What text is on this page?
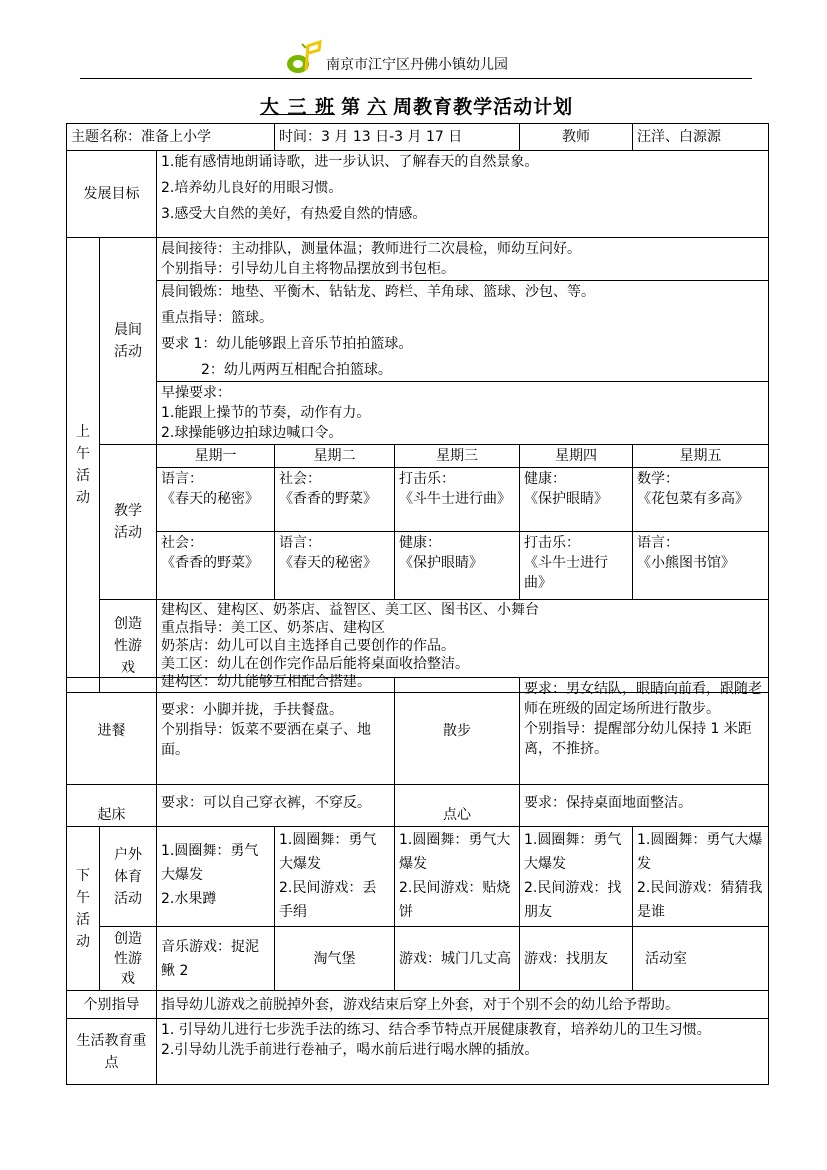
南京市江宁区丹佛小镇幼儿园
大 三 班 第 六 周教育教学活动计划
主题名称：准备上小学			时间：3 月 13 日-3 月 17 日		教师	汪洋、白源源
发展目标		1.能有感情地朗诵诗歌，进一步认识、了解春天的自然景象。
2.培养幼儿良好的用眼习惯。
3.感受大自然的美好，有热爱自然的情感。				

上午活动	晨间活动	晨间接待：主动排队，测量体温；教师进行二次晨检，师幼互问好。
个别指导：引导幼儿自主将物品摆放到书包柜。				

		晨间锻炼：地垫、平衡木、钻钻龙、跨栏、羊角球、篮球、沙包、等。
重点指导：篮球。
要求 1：幼儿能够跟上音乐节拍拍篮球。
2：幼儿两两互相配合拍篮球。				

		早操要求：
1.能跟上操节的节奏，动作有力。
2.球操能够边拍球边喊口令。				

	教学活动	星期一	星期二	星期三	星期四	星期五

		语言：
《春天的秘密》	社会：
《香香的野菜》	打击乐：
《斗牛士进行曲》	健康：
《保护眼睛》	数学：
《花包菜有多高》

		社会：
《香香的野菜》	语言：
《春天的秘密》	健康：
《保护眼睛》	打击乐：
《斗牛士进行曲》	语言：
《小熊图书馆》

	创造性游戏	建构区、建构区、奶茶店、益智区、美工区、图书区、小舞台
重点指导：美工区、奶茶店、建构区
奶茶店：幼儿可以自主选择自己要创作的作品。
美工区：幼儿在创作完作品后能将桌面收拾整洁。
建构区：幼儿能够互相配合搭建。				
进餐		要求：小脚并拢，手扶餐盘。
个别指导：饭菜不要洒在桌子、地面。		散步	要求：男女结队，眼睛向前看，跟随老师在班级的固定场所进行散步。
个别指导：提醒部分幼儿保持 1 米距离，不推挤。	

起床		要求：可以自己穿衣裤，不穿反。		点心	要求：保持桌面地面整洁。	
下午活动	户外体育活动	1.圆圈舞：勇气大爆发
2.水果蹲	1.圆圈舞：勇气大爆发
2.民间游戏：丢手绢	1.圆圈舞：勇气大爆发
2.民间游戏：贴烧饼	1.圆圈舞：勇气大爆发
2.民间游戏：找朋友	1.圆圈舞：勇气大爆发
2.民间游戏：猜猜我是谁

	创造性游戏	音乐游戏：捉泥鳅 2	淘气堡	游戏：城门几丈高	游戏：找朋友	活动室
个别指导		指导幼儿游戏之前脱掉外套，游戏结束后穿上外套，对于个别不会的幼儿给予帮助。				
生活教育重 点		1. 引导幼儿进行七步洗手法的练习、结合季节特点开展健康教育，培养幼儿的卫生习惯。
2.引导幼儿洗手前进行卷袖子，喝水前后进行喝水牌的插放。				
